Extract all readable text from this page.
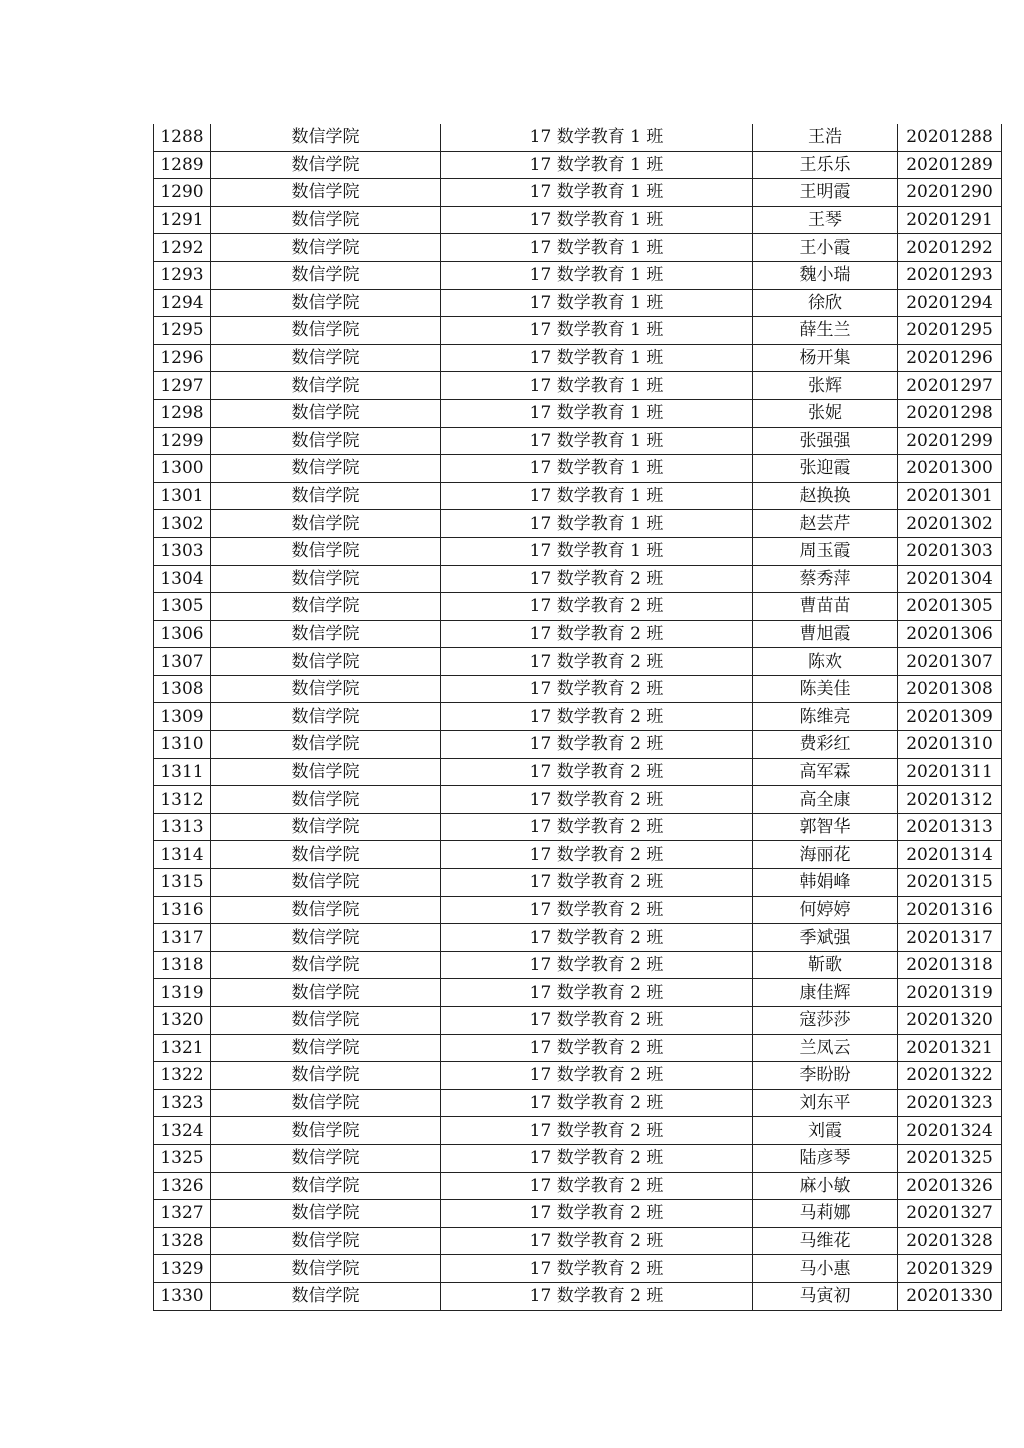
1288	数信学院	17 数学教育 1 班	王浩	20201288
1289	数信学院	17 数学教育 1 班	王乐乐	20201289
1290	数信学院	17 数学教育 1 班	王明霞	20201290
1291	数信学院	17 数学教育 1 班	王琴	20201291
1292	数信学院	17 数学教育 1 班	王小霞	20201292
1293	数信学院	17 数学教育 1 班	魏小瑞	20201293
1294	数信学院	17 数学教育 1 班	徐欣	20201294
1295	数信学院	17 数学教育 1 班	薛生兰	20201295
1296	数信学院	17 数学教育 1 班	杨开集	20201296
1297	数信学院	17 数学教育 1 班	张辉	20201297
1298	数信学院	17 数学教育 1 班	张妮	20201298
1299	数信学院	17 数学教育 1 班	张强强	20201299
1300	数信学院	17 数学教育 1 班	张迎霞	20201300
1301	数信学院	17 数学教育 1 班	赵换换	20201301
1302	数信学院	17 数学教育 1 班	赵芸芹	20201302
1303	数信学院	17 数学教育 1 班	周玉霞	20201303
1304	数信学院	17 数学教育 2 班	蔡秀萍	20201304
1305	数信学院	17 数学教育 2 班	曹苗苗	20201305
1306	数信学院	17 数学教育 2 班	曹旭霞	20201306
1307	数信学院	17 数学教育 2 班	陈欢	20201307
1308	数信学院	17 数学教育 2 班	陈美佳	20201308
1309	数信学院	17 数学教育 2 班	陈维亮	20201309
1310	数信学院	17 数学教育 2 班	费彩红	20201310
1311	数信学院	17 数学教育 2 班	高军霖	20201311
1312	数信学院	17 数学教育 2 班	高全康	20201312
1313	数信学院	17 数学教育 2 班	郭智华	20201313
1314	数信学院	17 数学教育 2 班	海丽花	20201314
1315	数信学院	17 数学教育 2 班	韩娟峰	20201315
1316	数信学院	17 数学教育 2 班	何婷婷	20201316
1317	数信学院	17 数学教育 2 班	季斌强	20201317
1318	数信学院	17 数学教育 2 班	靳歌	20201318
1319	数信学院	17 数学教育 2 班	康佳辉	20201319
1320	数信学院	17 数学教育 2 班	寇莎莎	20201320
1321	数信学院	17 数学教育 2 班	兰凤云	20201321
1322	数信学院	17 数学教育 2 班	李盼盼	20201322
1323	数信学院	17 数学教育 2 班	刘东平	20201323
1324	数信学院	17 数学教育 2 班	刘霞	20201324
1325	数信学院	17 数学教育 2 班	陆彦琴	20201325
1326	数信学院	17 数学教育 2 班	麻小敏	20201326
1327	数信学院	17 数学教育 2 班	马莉娜	20201327
1328	数信学院	17 数学教育 2 班	马维花	20201328
1329	数信学院	17 数学教育 2 班	马小惠	20201329
1330	数信学院	17 数学教育 2 班	马寅初	20201330
